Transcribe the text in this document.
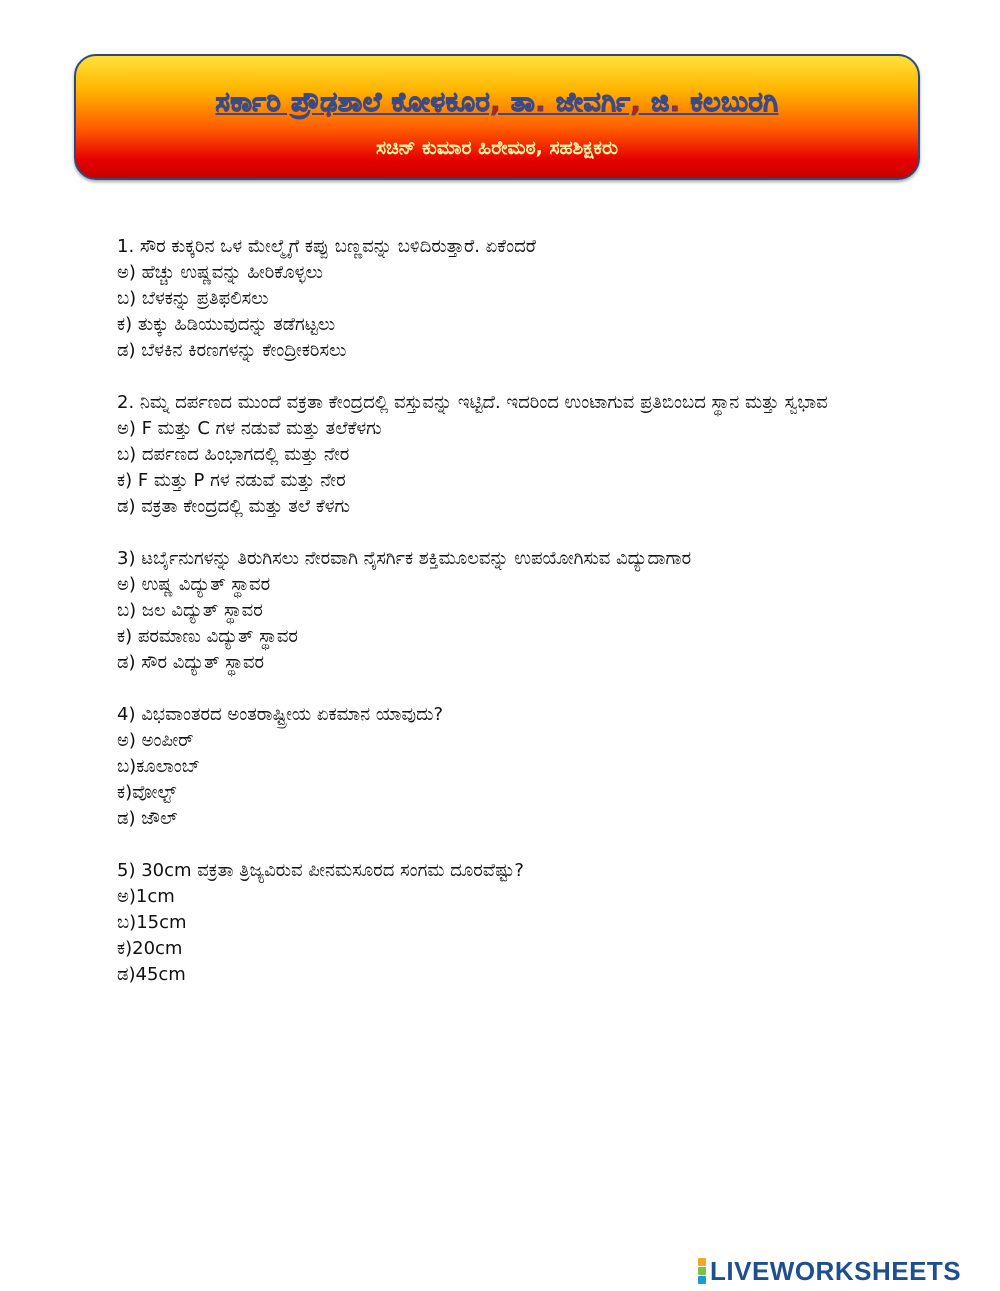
ಸರ್ಕಾರಿ ಪ್ರೌಢಶಾಲೆ ಕೋಳಕೂರ, ತಾ. ಜೇವರ್ಗಿ, ಜಿ. ಕಲಬುರಗಿ
ಸಚಿನ್ ಕುಮಾರ ಹಿರೇಮಠ, ಸಹಶಿಕ್ಷಕರು

1. ಸೌರ ಕುಕ್ಕರಿನ ಒಳ ಮೇಲ್ಮೈಗೆ ಕಪ್ಪು ಬಣ್ಣವನ್ನು ಬಳಿದಿರುತ್ತಾರೆ. ಏಕೆಂದರೆ

ಅ) ಹೆಚ್ಚು ಉಷ್ಣವನ್ನು ಹೀರಿಕೊಳ್ಳಲು

ಬ) ಬೆಳಕನ್ನು ಪ್ರತಿಫಲಿಸಲು

ಕ) ತುಕ್ಕು ಹಿಡಿಯುವುದನ್ನು ತಡೆಗಟ್ಟಲು

ಡ) ಬೆಳಕಿನ ಕಿರಣಗಳನ್ನು ಕೇಂದ್ರೀಕರಿಸಲು

2. ನಿಮ್ನ ದರ್ಪಣದ ಮುಂದೆ ವಕ್ರತಾ ಕೇಂದ್ರದಲ್ಲಿ ವಸ್ತುವನ್ನು ಇಟ್ಟಿದೆ. ಇದರಿಂದ ಉಂಟಾಗುವ ಪ್ರತಿಬಿಂಬದ ಸ್ಥಾನ ಮತ್ತು ಸ್ವಭಾವ

ಅ) F ಮತ್ತು C ಗಳ ನಡುವೆ ಮತ್ತು ತಲೆಕೆಳಗು

ಬ) ದರ್ಪಣದ ಹಿಂಭಾಗದಲ್ಲಿ ಮತ್ತು ನೇರ

ಕ) F ಮತ್ತು P ಗಳ ನಡುವೆ ಮತ್ತು ನೇರ

ಡ) ವಕ್ರತಾ ಕೇಂದ್ರದಲ್ಲಿ ಮತ್ತು ತಲೆ ಕೆಳಗು

3) ಟರ್ಬೈನುಗಳನ್ನು ತಿರುಗಿಸಲು ನೇರವಾಗಿ ನೈಸರ್ಗಿಕ ಶಕ್ತಿಮೂಲವನ್ನು ಉಪಯೋಗಿಸುವ ವಿದ್ಯುದಾಗಾರ

ಅ) ಉಷ್ಣ ವಿದ್ಯುತ್ ಸ್ಥಾವರ

ಬ) ಜಲ ವಿದ್ಯುತ್ ಸ್ಥಾವರ

ಕ) ಪರಮಾಣು ವಿದ್ಯುತ್ ಸ್ಥಾವರ

ಡ) ಸೌರ ವಿದ್ಯುತ್ ಸ್ಥಾವರ

4) ವಿಭವಾಂತರದ ಅಂತರಾಷ್ಟ್ರೀಯ ಏಕಮಾನ ಯಾವುದು?

ಅ) ಅಂಪೀರ್

ಬ)ಕೂಲಾಂಬ್

ಕ)ವೋಲ್ಟ್

ಡ) ಜೌಲ್

5) 30cm ವಕ್ರತಾ ತ್ರಿಜ್ಯವಿರುವ ಪೀನಮಸೂರದ ಸಂಗಮ ದೂರವೆಷ್ಟು?

ಅ)1cm

ಬ)15cm

ಕ)20cm

ಡ)45cm

LIVEWORKSHEETS
